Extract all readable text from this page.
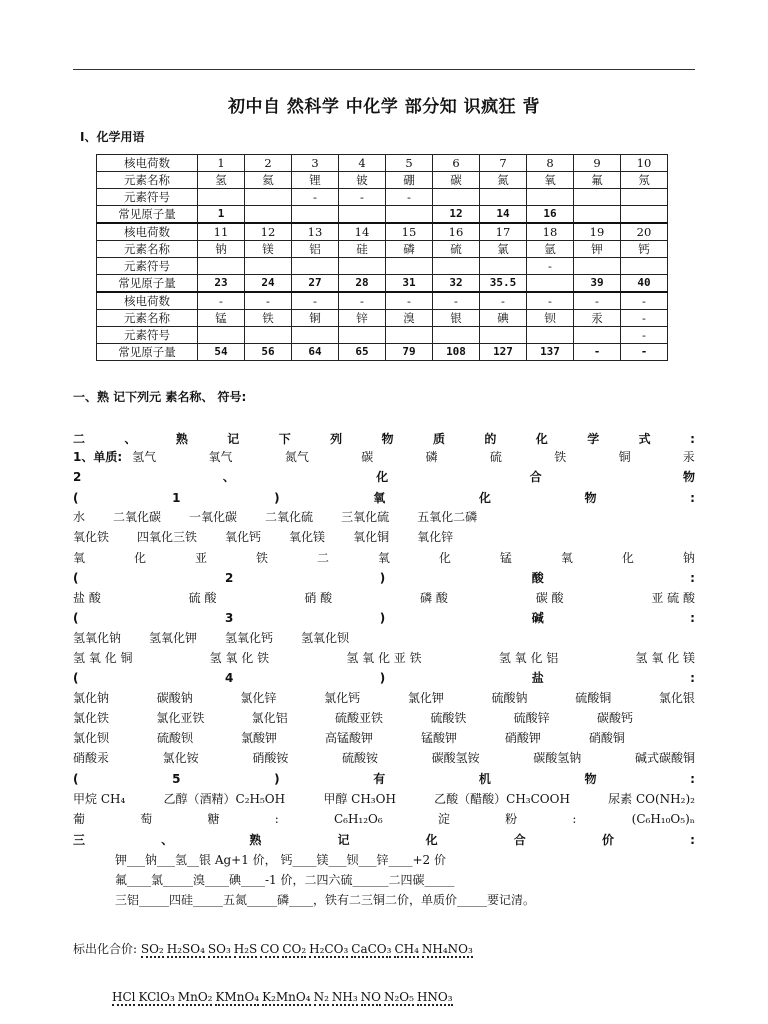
初中自 然科学 中化学 部分知 识疯狂 背
Ⅰ、化学用语
核电荷数	1	2	3	4	5	6	7	8	9	10
元素名称	氢	氦	锂	铍	硼	碳	氮	氧	氟	氖
元素符号			-	-	-					
常见原子量	1					12	14	16		
核电荷数	11	12	13	14	15	16	17	18	19	20
元素名称	钠	镁	铝	硅	磷	硫	氯	氩	钾	钙
元素符号								-		
常见原子量	23	24	27	28	31	32	35.5		39	40
核电荷数	-	-	-	-	-	-	-	-	-	-
元素名称	锰	铁	铜	锌	溴	银	碘	钡	汞	-
元素符号										-
常见原子量	54	56	64	65	79	108	127	137	-	-
一、熟 记下列元 素名称、 符号:
二	、	熟	记	下	列	物	质	的	化	学	式	:
1、单质: 氢气	氧气	氮气	碳	磷	硫	铁	铜	汞
2	、	化	合	物
(	1	)	氧	化	物	:
水 二氧化碳 一氧化碳 二氧化硫 三氧化硫 五氧化二磷
氧化铁 四氧化三铁 氧化钙 氧化镁 氧化铜 氧化锌
氧	化	亚	铁	二	氧	化	锰	氧	化	钠
(	2	)	酸	:
盐 酸	硫 酸	硝 酸	磷 酸	碳 酸	亚 硫 酸
(	3	)	碱	:
氢氧化钠 氢氧化钾 氢氧化钙 氢氧化钡
氢 氧 化 铜	氢 氧 化 铁	氢 氧 化 亚 铁	氢 氧 化 铝	氢 氧 化 镁
(	4	)	盐	:
氯化钠	碳酸钠	氯化锌	氯化钙	氯化钾	硫酸钠	硫酸铜	氯化银
氯化铁	氯化亚铁	氯化铝	硫酸亚铁	硫酸铁	硫酸锌	碳酸钙
氯化钡	硫酸钡	氯酸钾	高锰酸钾	锰酸钾	硝酸钾	硝酸铜
硝酸汞	氯化铵	硝酸铵	硫酸铵	碳酸氢铵	碳酸氢钠	碱式碳酸铜
(	5	)	有	机	物	:
甲烷 CH₄	乙醇（酒精）C₂H₅OH	甲醇 CH₃OH	乙酸（醋酸）CH₃COOH	尿素 CO(NH₂)₂
葡	萄	糖	:	C₆H₁₂O₆	淀	粉	:	(C₆H₁₀O₅)ₙ
三	、	熟	记	化	合	价	:
钾___钠___氢__银 Ag+1 价， 钙____镁___钡___锌____+2 价
氟____氯_____溴____碘____-1 价，二四六硫______二四碳_____
三铝_____四硅_____五氮_____磷____，铁有二三铜二价，单质价_____要记清。
标出化合价: SO₂ H₂SO₄ SO₃ H₂S CO CO₂ H₂CO₃ CaCO₃ CH₄ NH₄NO₃
HCl KClO₃ MnO₂ KMnO₄ K₂MnO₄ N₂ NH₃ NO N₂O₅ HNO₃
